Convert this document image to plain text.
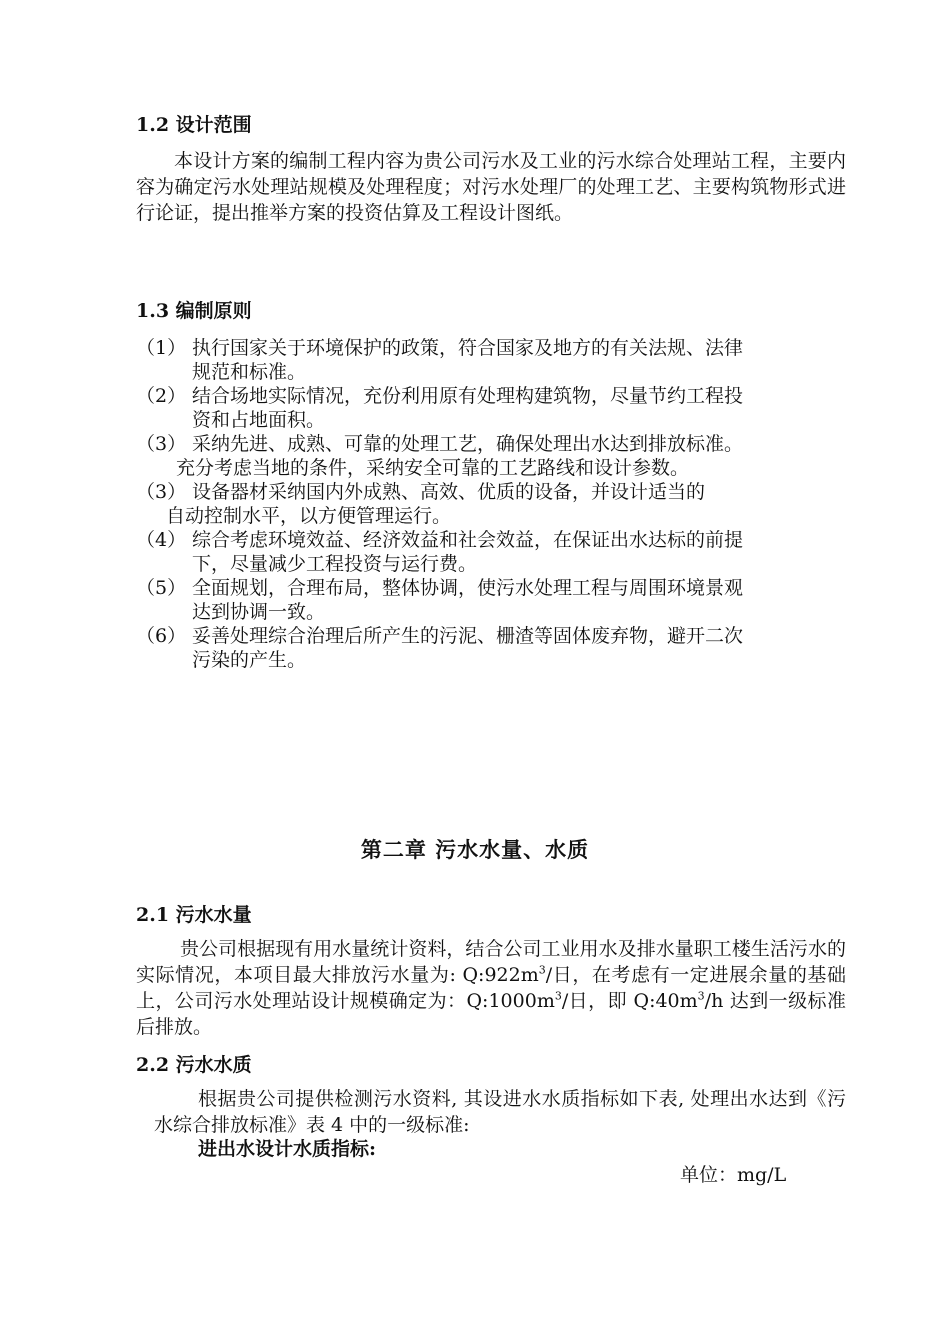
1.2 设计范围

本设计方案的编制工程内容为贵公司污水及工业的污水综合处理站工程，主要内容为确定污水处理站规模及处理程度；对污水处理厂的处理工艺、主要构筑物形式进行论证，提出推举方案的投资估算及工程设计图纸。

1.3 编制原则
（1） 执行国家关于环境保护的政策，符合国家及地方的有关法规、法律
规范和标准。
（2） 结合场地实际情况，充份利用原有处理构建筑物，尽量节约工程投
资和占地面积。
（3） 采纳先进、成熟、可靠的处理工艺，确保处理出水达到排放标准。
充分考虑当地的条件，采纳安全可靠的工艺路线和设计参数。
（3） 设备器材采纳国内外成熟、高效、优质的设备，并设计适当的
自动控制水平，以方便管理运行。
（4） 综合考虑环境效益、经济效益和社会效益，在保证出水达标的前提
下，尽量减少工程投资与运行费。
（5） 全面规划，合理布局，整体协调，使污水处理工程与周围环境景观
达到协调一致。
（6） 妥善处理综合治理后所产生的污泥、栅渣等固体废弃物，避开二次
污染的产生。
第二章 污水水量、水质
2.1 污水水量

贵公司根据现有用水量统计资料，结合公司工业用水及排水量职工楼生活污水的实际情况，本项目最大排放污水量为: $Q:922m^3/$日，在考虑有一定进展余量的基础上，公司污水处理站设计规模确定为：$Q:1000m^3/$日，即 $Q:40m^3/h$ 达到一级标准后排放。

2.2 污水水质

根据贵公司提供检测污水资料, 其设进水水质指标如下表, 处理出水达到《污水综合排放标准》表 4 中的一级标准:

进出水设计水质指标:
单位：mg/L
